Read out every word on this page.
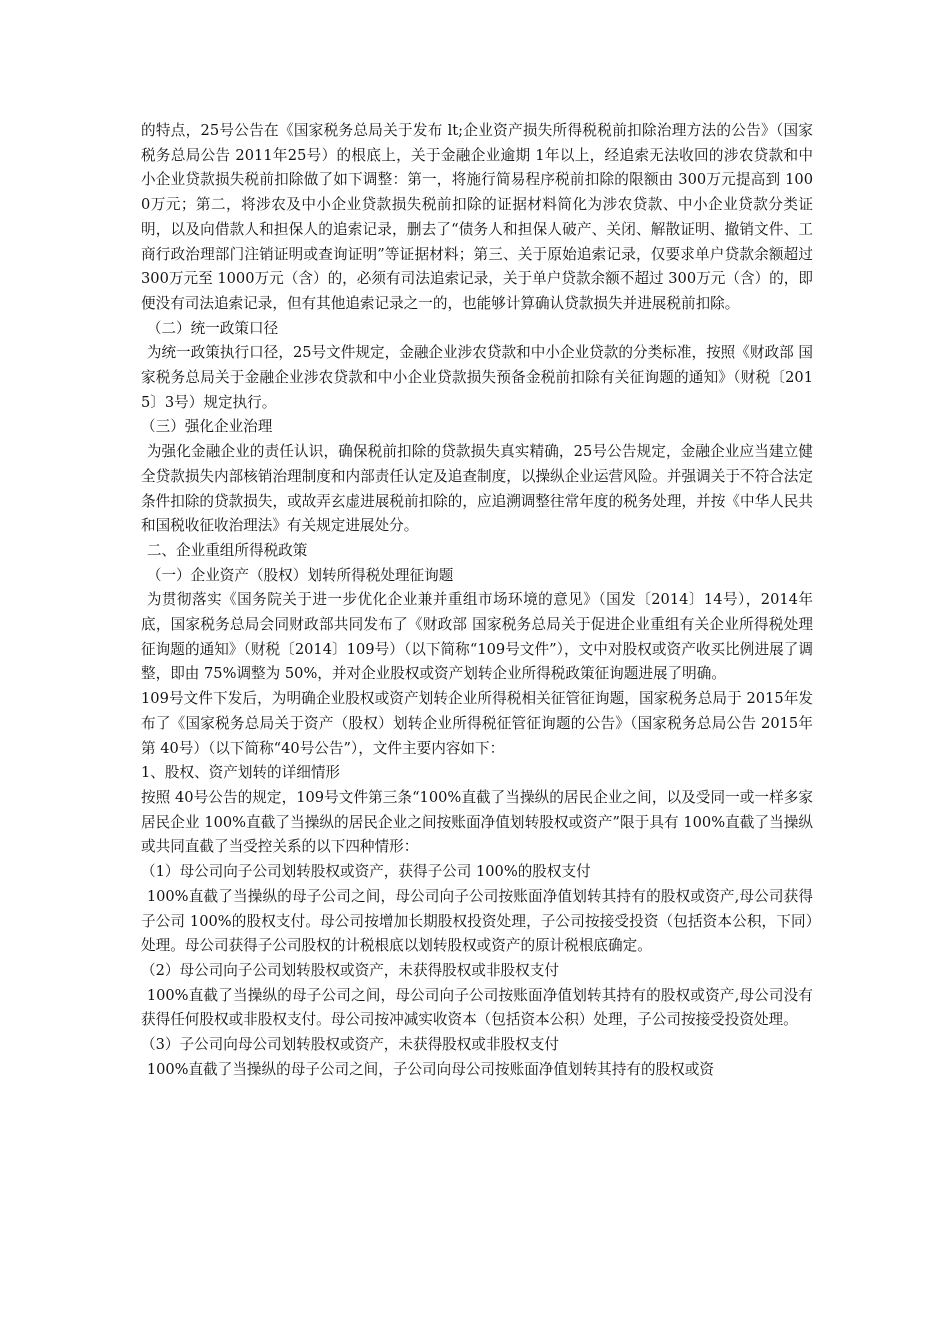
的特点，25号公告在《国家税务总局关于发布 lt;企业资产损失所得税税前扣除治理方法的公告》（国家税务总局公告 2011年25号）的根底上，关于金融企业逾期 1年以上，经追索无法收回的涉农贷款和中小企业贷款损失税前扣除做了如下调整：第一，将施行简易程序税前扣除的限额由 300万元提高到 1000万元；第二，将涉农及中小企业贷款损失税前扣除的证据材料简化为涉农贷款、中小企业贷款分类证明，以及向借款人和担保人的追索记录，删去了“债务人和担保人破产、关闭、解散证明、撤销文件、工商行政治理部门注销证明或查询证明”等证据材料；第三、关于原始追索记录，仅要求单户贷款余额超过 300万元至 1000万元（含）的，必须有司法追索记录，关于单户贷款余额不超过 300万元（含）的，即便没有司法追索记录，但有其他追索记录之一的，也能够计算确认贷款损失并进展税前扣除。

（二）统一政策口径

为统一政策执行口径，25号文件规定，金融企业涉农贷款和中小企业贷款的分类标准，按照《财政部 国家税务总局关于金融企业涉农贷款和中小企业贷款损失预备金税前扣除有关征询题的通知》（财税〔2015〕3号）规定执行。

（三）强化企业治理

为强化金融企业的责任认识，确保税前扣除的贷款损失真实精确，25号公告规定，金融企业应当建立健全贷款损失内部核销治理制度和内部责任认定及追查制度，以操纵企业运营风险。并强调关于不符合法定条件扣除的贷款损失，或故弄玄虚进展税前扣除的，应追溯调整往常年度的税务处理，并按《中华人民共和国税收征收治理法》有关规定进展处分。

二、企业重组所得税政策

（一）企业资产（股权）划转所得税处理征询题

为贯彻落实《国务院关于进一步优化企业兼并重组市场环境的意见》（国发〔2014〕14号），2014年底，国家税务总局会同财政部共同发布了《财政部 国家税务总局关于促进企业重组有关企业所得税处理征询题的通知》（财税〔2014〕109号）（以下简称“109号文件”），文中对股权或资产收买比例进展了调整，即由 75%调整为 50%，并对企业股权或资产划转企业所得税政策征询题进展了明确。

109号文件下发后，为明确企业股权或资产划转企业所得税相关征管征询题，国家税务总局于 2015年发布了《国家税务总局关于资产（股权）划转企业所得税征管征询题的公告》（国家税务总局公告 2015年第 40号）（以下简称“40号公告”），文件主要内容如下：

1、股权、资产划转的详细情形

按照 40号公告的规定，109号文件第三条“100%直截了当操纵的居民企业之间，以及受同一或一样多家居民企业 100%直截了当操纵的居民企业之间按账面净值划转股权或资产”限于具有 100%直截了当操纵或共同直截了当受控关系的以下四种情形：

（1）母公司向子公司划转股权或资产，获得子公司 100%的股权支付

100%直截了当操纵的母子公司之间，母公司向子公司按账面净值划转其持有的股权或资产,母公司获得子公司 100%的股权支付。母公司按增加长期股权投资处理，子公司按接受投资（包括资本公积，下同）处理。母公司获得子公司股权的计税根底以划转股权或资产的原计税根底确定。

（2）母公司向子公司划转股权或资产，未获得股权或非股权支付

100%直截了当操纵的母子公司之间，母公司向子公司按账面净值划转其持有的股权或资产,母公司没有获得任何股权或非股权支付。母公司按冲减实收资本（包括资本公积）处理，子公司按接受投资处理。

（3）子公司向母公司划转股权或资产，未获得股权或非股权支付

100%直截了当操纵的母子公司之间，子公司向母公司按账面净值划转其持有的股权或资
